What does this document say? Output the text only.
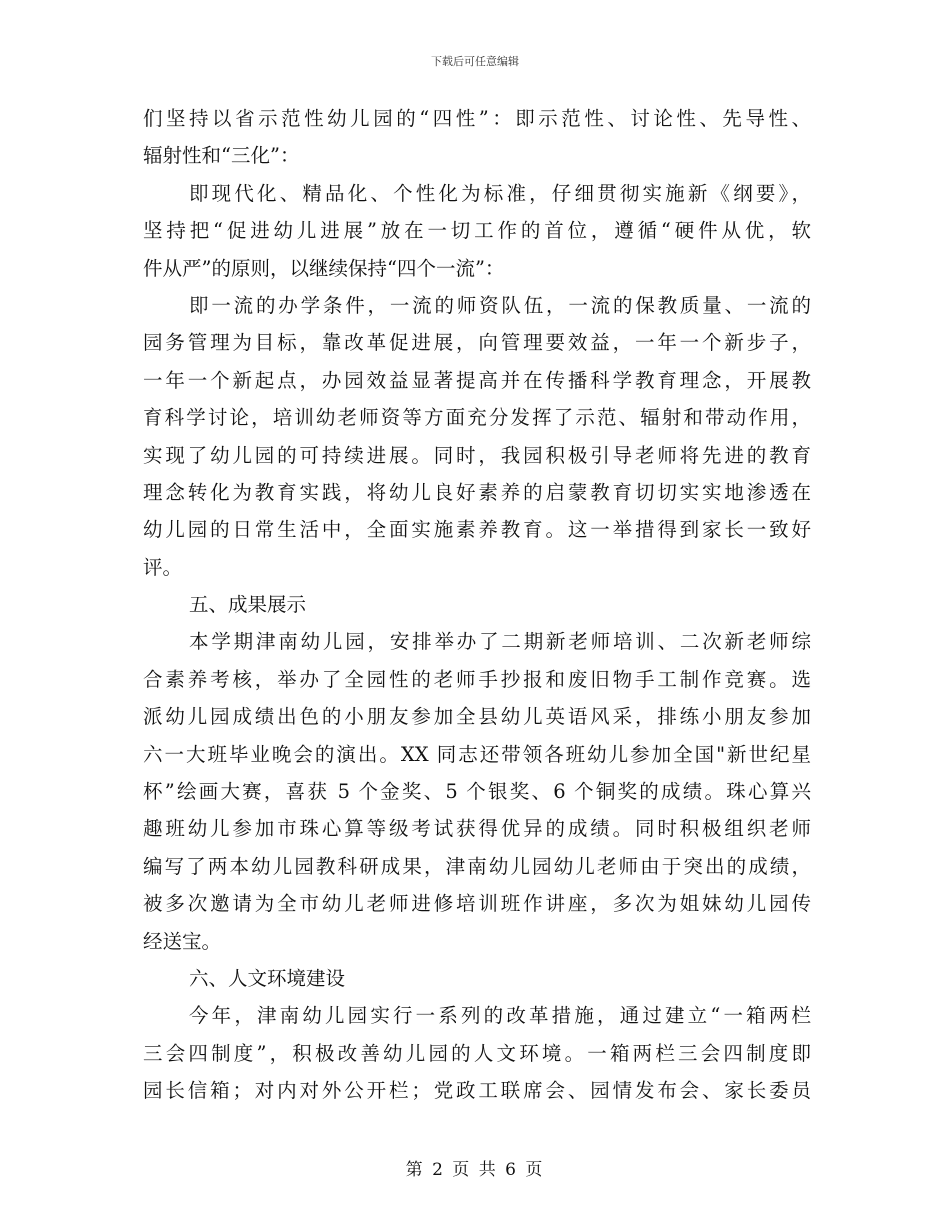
下载后可任意编辑
们坚持以省示范性幼儿园的“四性”：即示范性、讨论性、先导性、
辐射性和“三化”：
即现代化、精品化、个性化为标准，仔细贯彻实施新《纲要》，
坚持把“促进幼儿进展”放在一切工作的首位，遵循“硬件从优，软
件从严”的原则，以继续保持“四个一流”：
即一流的办学条件，一流的师资队伍，一流的保教质量、一流的
园务管理为目标，靠改革促进展，向管理要效益，一年一个新步子，
一年一个新起点，办园效益显著提高并在传播科学教育理念，开展教
育科学讨论，培训幼老师资等方面充分发挥了示范、辐射和带动作用，
实现了幼儿园的可持续进展。同时，我园积极引导老师将先进的教育
理念转化为教育实践，将幼儿良好素养的启蒙教育切切实实地渗透在
幼儿园的日常生活中，全面实施素养教育。这一举措得到家长一致好
评。
五、成果展示
本学期津南幼儿园，安排举办了二期新老师培训、二次新老师综
合素养考核，举办了全园性的老师手抄报和废旧物手工制作竞赛。选
派幼儿园成绩出色的小朋友参加全县幼儿英语风采，排练小朋友参加
六一大班毕业晚会的演出。XX 同志还带领各班幼儿参加全国"新世纪星
杯”绘画大赛，喜获 5 个金奖、5 个银奖、6 个铜奖的成绩。珠心算兴
趣班幼儿参加市珠心算等级考试获得优异的成绩。同时积极组织老师
编写了两本幼儿园教科研成果，津南幼儿园幼儿老师由于突出的成绩，
被多次邀请为全市幼儿老师进修培训班作讲座，多次为姐妹幼儿园传
经送宝。
六、人文环境建设
今年，津南幼儿园实行一系列的改革措施，通过建立“一箱两栏
三会四制度”，积极改善幼儿园的人文环境。一箱两栏三会四制度即
园长信箱；对内对外公开栏；党政工联席会、园情发布会、家长委员
第 2 页 共 6 页
